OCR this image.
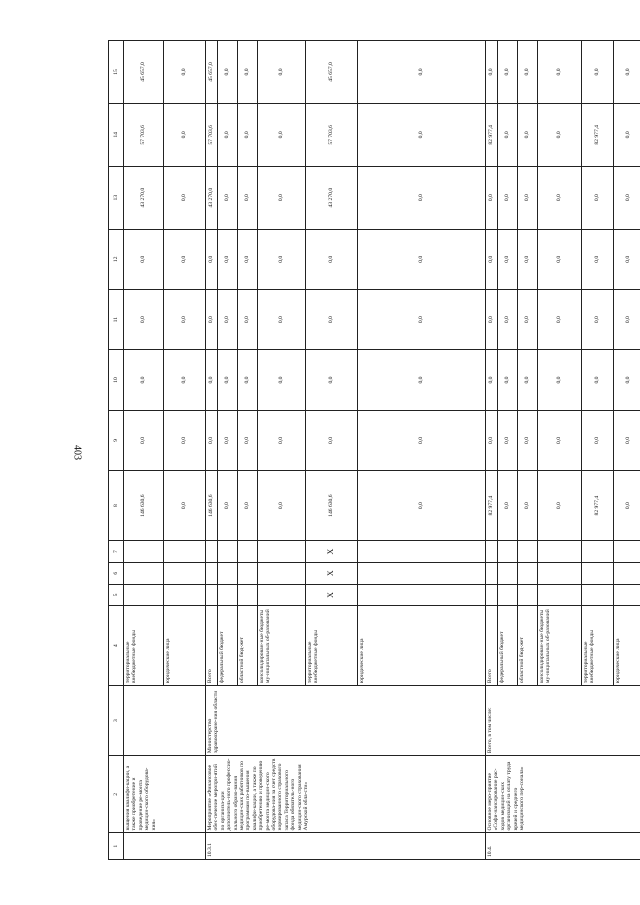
403
1	2	3	4	5	6	7	8	9	10	11	12	13	14	15
	выщения квалифи-кации, а также приобретение и проведение ре-монта медицин-ского оборудова-ния»		территориальные внебюджетные фонды				146 630,6	0,0	0,0	0,0	0,0	43 270,0	57 703,6	45 657,0
			юридические лица				0,0	0,0	0,0	0,0	0,0	0,0	0,0	0,0
10.3.1	Мероприятие «Финансовое обес-печение меропри-ятий по организа-ции дополнитель-ного профессио-нального образо-вания медицин-ских работников по программам по-вышения квалифи-кации, а также по приобретению и проведению ре-монта медицин-ского оборудова-ния за счет средств нормированного страхового запаса Территориального фонда обязатель-ного медицин-ского страхования Амурской обла-сти»	Министерство здравоохране-ния области	Всего				146 630,6	0,0	0,0	0,0	0,0	43 270,0	57 703,6	45 657,0
			федеральный бюджет				0,0	0,0	0,0	0,0	0,0	0,0	0,0	0,0
			областной бюд-жет				0,0	0,0	0,0	0,0	0,0	0,0	0,0	0,0
			консолидирован-ные бюджеты му-ниципальных об-разований				0,0	0,0	0,0	0,0	0,0	0,0	0,0	0,0
			территориальные внебюджетные фонды	X	X	X	146 630,6	0,0	0,0	0,0	0,0	43 270,0	57 703,6	45 657,0
			юридические лица				0,0	0,0	0,0	0,0	0,0	0,0	0,0	0,0
10.4.	Основное меро-приятие «Софи-нансирование рас-ходов медицин-ских организаций на оплату труда врачей и среднего медицинского пер-сонала»	Всего, в том числе:	Всего				82 977,4	0,0	0,0	0,0	0,0	0,0	82 977,4	0,0
			федеральный бюджет				0,0	0,0	0,0	0,0	0,0	0,0	0,0	0,0
			областной бюд-жет				0,0	0,0	0,0	0,0	0,0	0,0	0,0	0,0
			консолидирован-ные бюджеты му-ниципальных об-разований				0,0	0,0	0,0	0,0	0,0	0,0	0,0	0,0
			территориальные внебюджетные фонды				82 977,4	0,0	0,0	0,0	0,0	0,0	82 977,4	0,0
			юридические лица				0,0	0,0	0,0	0,0	0,0	0,0	0,0	0,0
